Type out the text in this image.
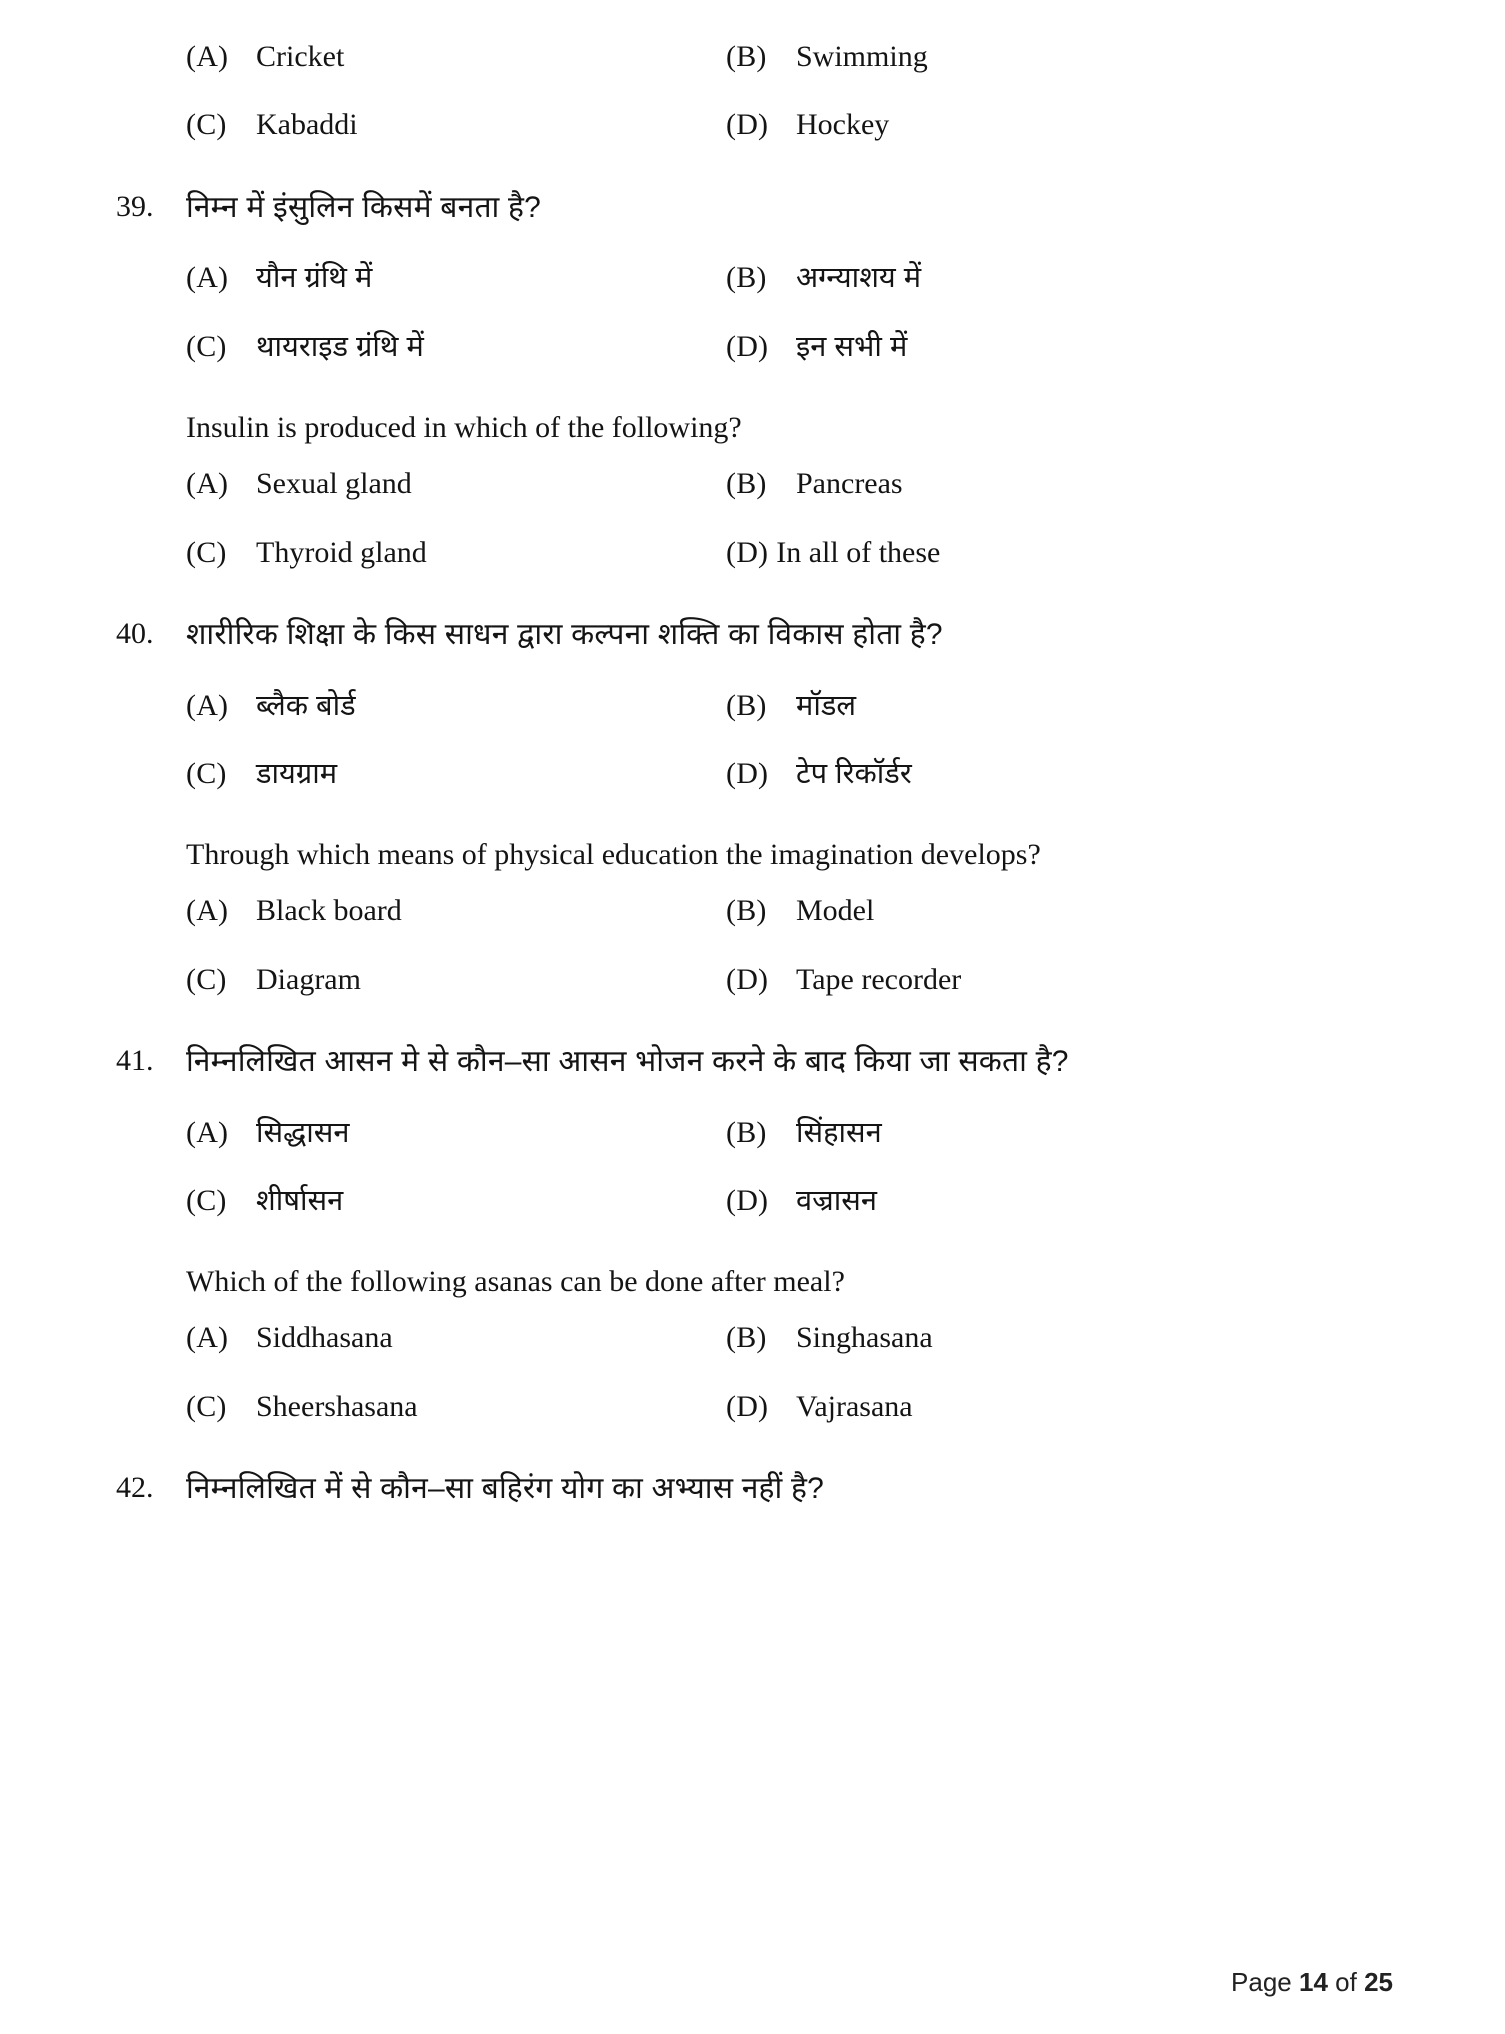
(A) Cricket	(B) Swimming
(C) Kabaddi	(D) Hockey
39.	निम्न में इंसुलिन किसमें बनता है?
(A) यौन ग्रंथि में	(B)	अग्न्याशय में
(C)	थायराइड ग्रंथि में	(D) इन सभी में
Insulin is produced in which of the following?
(A) Sexual gland	(B) Pancreas
(C) Thyroid gland	(D) In all of these
40.	शारीरिक शिक्षा के किस साधन द्वारा कल्पना शक्ति का विकास होता है?
(A) ब्लैक बोर्ड	(B)	मॉडल
(C)	डायग्राम	(D) टेप रिकॉर्डर
Through which means of physical education the imagination develops?
(A) Black board	(B) Model
(C) Diagram	(D) Tape recorder
41.	निम्नलिखित आसन मे से कौन–सा आसन भोजन करने के बाद किया जा सकता है?
(A) सिद्धासन	(B)	सिंहासन
(C)	शीर्षासन	(D) वज्रासन
Which of the following asanas can be done after meal?
(A) Siddhasana	(B) Singhasana
(C) Sheershasana	(D) Vajrasana
42.	निम्नलिखित में से कौन–सा बहिरंग योग का अभ्यास नहीं है?
Page 14 of 25
